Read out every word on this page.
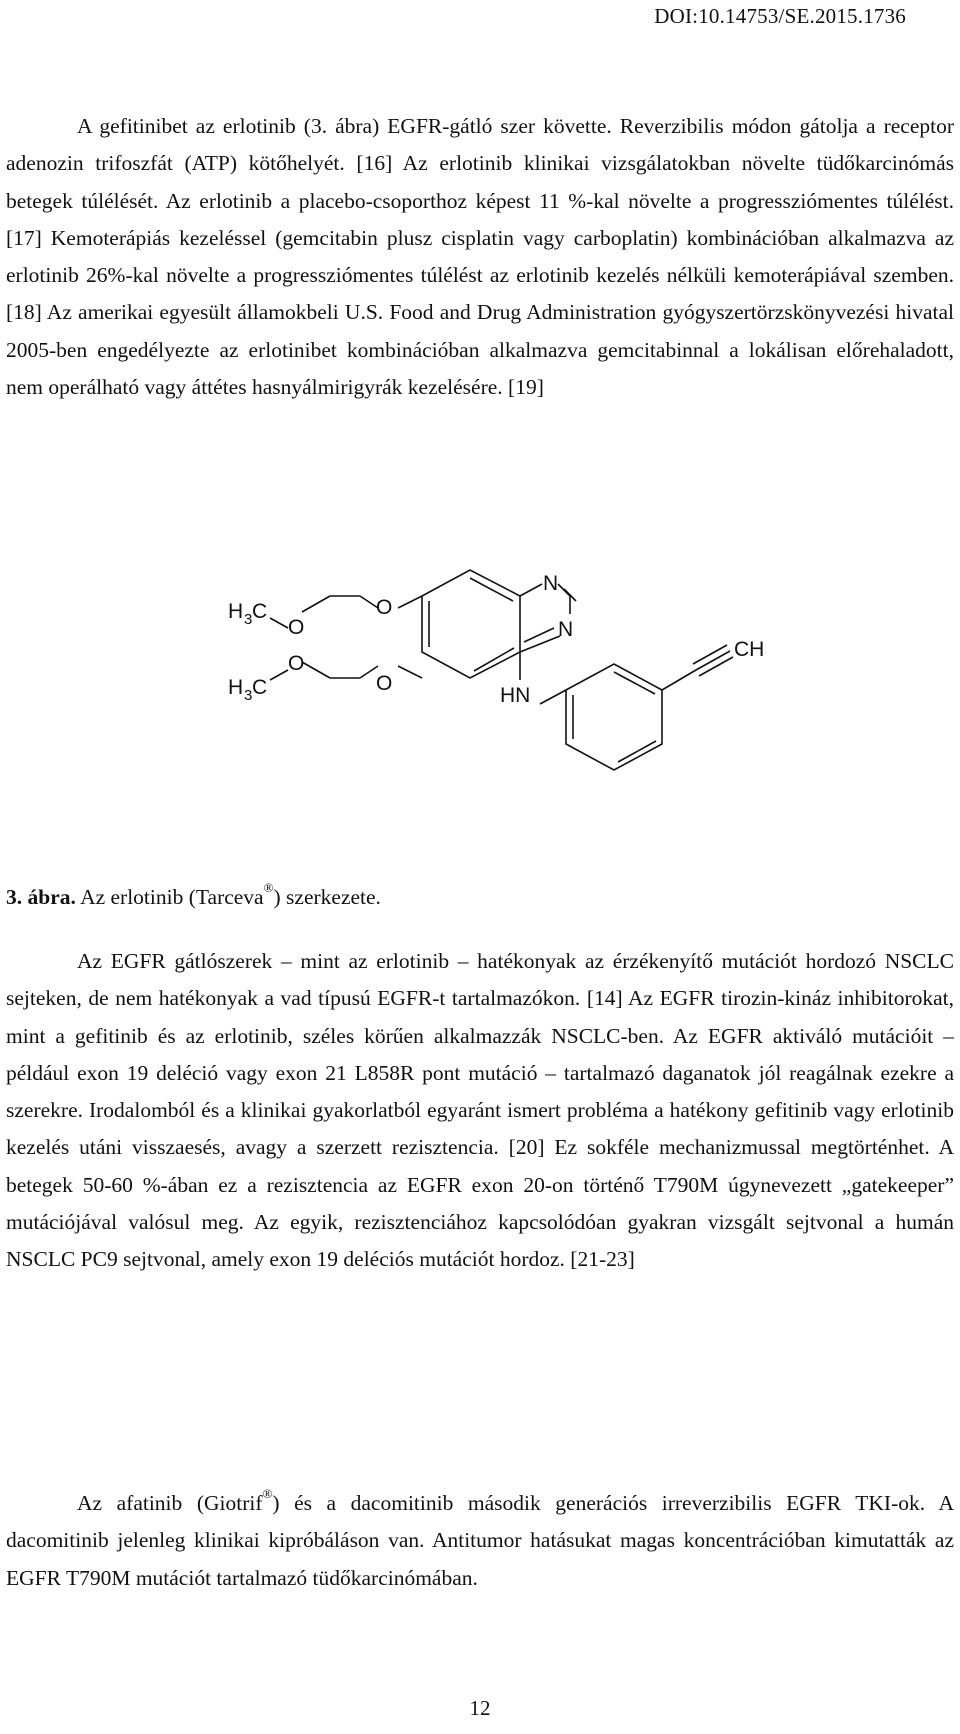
DOI:10.14753/SE.2015.1736

A gefitinibet az erlotinib (3. ábra) EGFR-gátló szer követte. Reverzibilis módon gátolja a receptor adenozin trifoszfát (ATP) kötőhelyét. [16] Az erlotinib klinikai vizsgálatokban növelte tüdőkarcinómás betegek túlélését. Az erlotinib a placebo-csoporthoz képest 11 %-kal növelte a progressziómentes túlélést. [17] Kemoterápiás kezeléssel (gemcitabin plusz cisplatin vagy carboplatin) kombinációban alkalmazva az erlotinib 26%-kal növelte a progressziómentes túlélést az erlotinib kezelés nélküli kemoterápiával szemben. [18] Az amerikai egyesült államokbeli U.S. Food and Drug Administration gyógyszertörzskönyvezési hivatal 2005-ben engedélyezte az erlotinibet kombinációban alkalmazva gemcitabinnal a lokálisan előrehaladott, nem operálható vagy áttétes hasnyálmirigyrák kezelésére. [19]

H 3 C
O
O
H 3 C
O
O
N
N
HN
CH
3. ábra. Az erlotinib (Tarceva®) szerkezete.

Az EGFR gátlószerek – mint az erlotinib – hatékonyak az érzékenyítő mutációt hordozó NSCLC sejteken, de nem hatékonyak a vad típusú EGFR-t tartalmazókon. [14] Az EGFR tirozin-kináz inhibitorokat, mint a gefitinib és az erlotinib, széles körűen alkalmazzák NSCLC-ben. Az EGFR aktiváló mutációit – például exon 19 deléció vagy exon 21 L858R pont mutáció – tartalmazó daganatok jól reagálnak ezekre a szerekre. Irodalomból és a klinikai gyakorlatból egyaránt ismert probléma a hatékony gefitinib vagy erlotinib kezelés utáni visszaesés, avagy a szerzett rezisztencia. [20] Ez sokféle mechanizmussal megtörténhet. A betegek 50-60 %-ában ez a rezisztencia az EGFR exon 20-on történő T790M úgynevezett „gatekeeper” mutációjával valósul meg. Az egyik, rezisztenciához kapcsolódóan gyakran vizsgált sejtvonal a humán NSCLC PC9 sejtvonal, amely exon 19 deléciós mutációt hordoz. [21-23]

Az afatinib (Giotrif®) és a dacomitinib második generációs irreverzibilis EGFR TKI-ok. A dacomitinib jelenleg klinikai kipróbáláson van. Antitumor hatásukat magas koncentrációban kimutatták az EGFR T790M mutációt tartalmazó tüdőkarcinómában.

12
